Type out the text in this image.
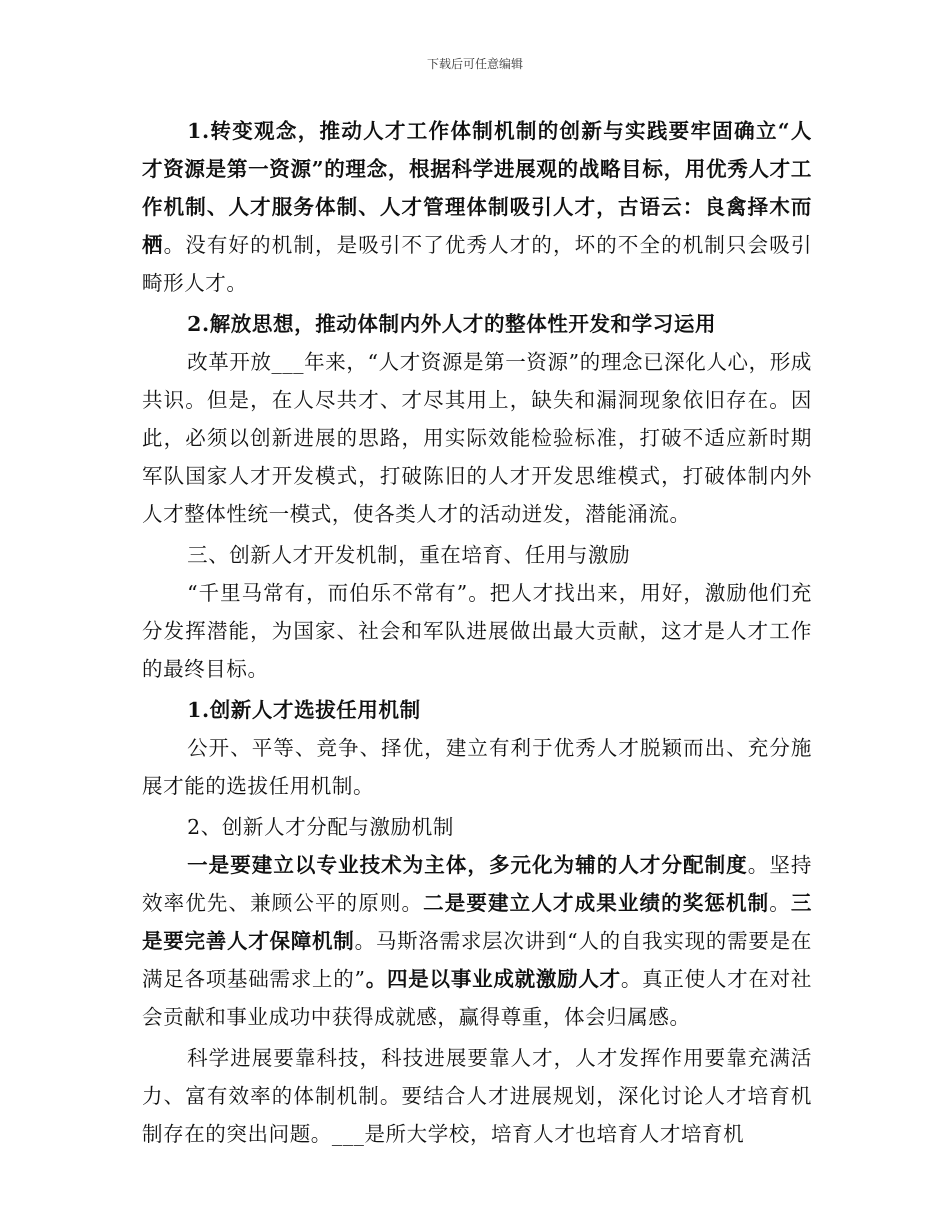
下载后可任意编辑

1.转变观念，推动人才工作体制机制的创新与实践要牢固确立“人才资源是第一资源”的理念，根据科学进展观的战略目标，用优秀人才工作机制、人才服务体制、人才管理体制吸引人才，古语云：良禽择木而栖。没有好的机制，是吸引不了优秀人才的，坏的不全的机制只会吸引畸形人才。

2.解放思想，推动体制内外人才的整体性开发和学习运用

改革开放___年来，“人才资源是第一资源”的理念已深化人心，形成共识。但是，在人尽共才、才尽其用上，缺失和漏洞现象依旧存在。因此，必须以创新进展的思路，用实际效能检验标准，打破不适应新时期军队国家人才开发模式，打破陈旧的人才开发思维模式，打破体制内外人才整体性统一模式，使各类人才的活动迸发，潜能涌流。

三、创新人才开发机制，重在培育、任用与激励

“千里马常有，而伯乐不常有”。把人才找出来，用好，激励他们充分发挥潜能，为国家、社会和军队进展做出最大贡献，这才是人才工作的最终目标。

1.创新人才选拔任用机制

公开、平等、竞争、择优，建立有利于优秀人才脱颖而出、充分施展才能的选拔任用机制。

2、创新人才分配与激励机制

一是要建立以专业技术为主体，多元化为辅的人才分配制度。坚持效率优先、兼顾公平的原则。二是要建立人才成果业绩的奖惩机制。三是要完善人才保障机制。马斯洛需求层次讲到“人的自我实现的需要是在满足各项基础需求上的”。四是以事业成就激励人才。真正使人才在对社会贡献和事业成功中获得成就感，赢得尊重，体会归属感。

科学进展要靠科技，科技进展要靠人才，人才发挥作用要靠充满活力、富有效率的体制机制。要结合人才进展规划，深化讨论人才培育机制存在的突出问题。___是所大学校，培育人才也培育人才培育机
